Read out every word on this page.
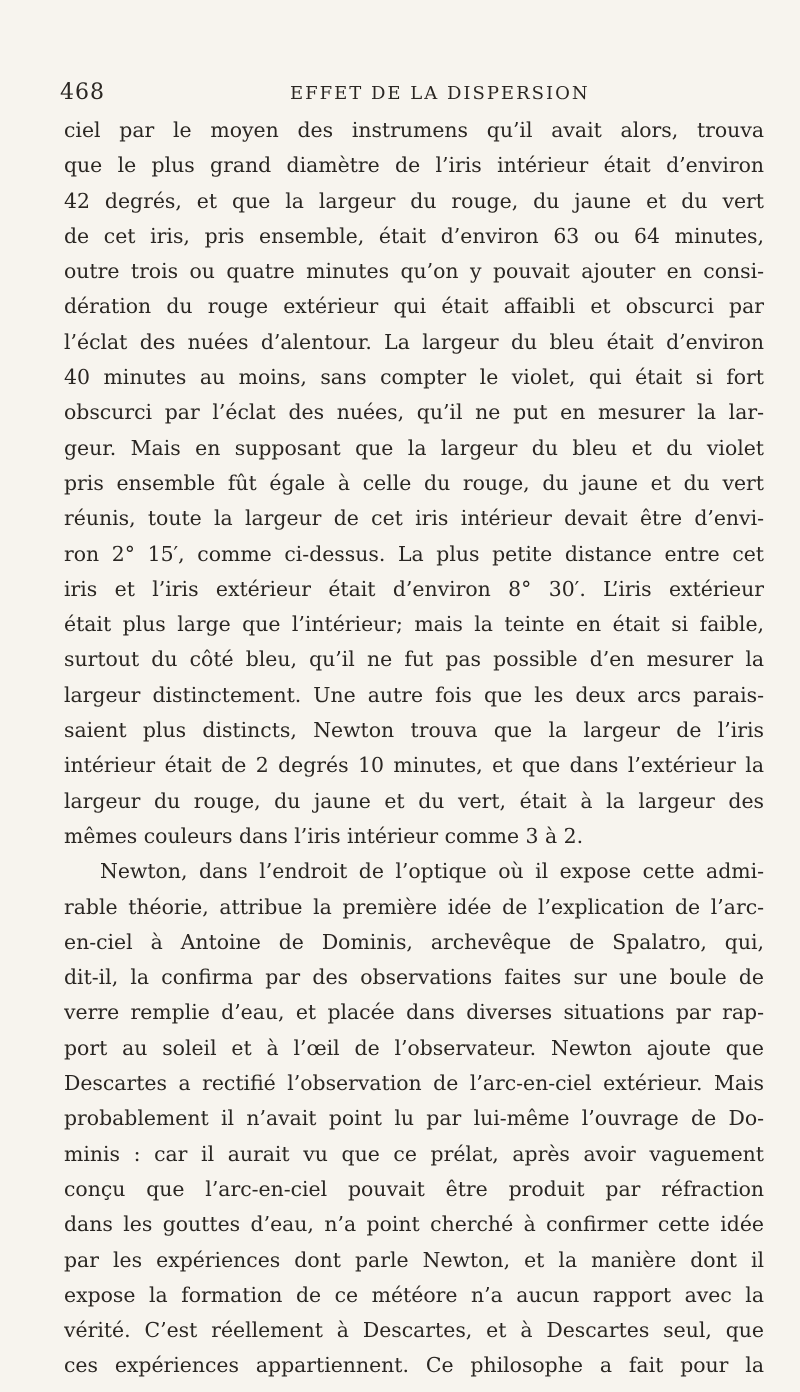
468	EFFET DE LA DISPERSION
ciel par le moyen des instrumens qu’il avait alors, trouva
que le plus grand diamètre de l’iris intérieur était d’environ
42 degrés, et que la largeur du rouge, du jaune et du vert
de cet iris, pris ensemble, était d’environ 63 ou 64 minutes,
outre trois ou quatre minutes qu’on y pouvait ajouter en consi-
dération du rouge extérieur qui était affaibli et obscurci par
l’éclat des nuées d’alentour. La largeur du bleu était d’environ
40 minutes au moins, sans compter le violet, qui était si fort
obscurci par l’éclat des nuées, qu’il ne put en mesurer la lar-
geur. Mais en supposant que la largeur du bleu et du violet
pris ensemble fût égale à celle du rouge, du jaune et du vert
réunis, toute la largeur de cet iris intérieur devait être d’envi-
ron 2° 15′, comme ci-dessus. La plus petite distance entre cet
iris et l’iris extérieur était d’environ 8° 30′. L’iris extérieur
était plus large que l’intérieur; mais la teinte en était si faible,
surtout du côté bleu, qu’il ne fut pas possible d’en mesurer la
largeur distinctement. Une autre fois que les deux arcs parais-
saient plus distincts, Newton trouva que la largeur de l’iris
intérieur était de 2 degrés 10 minutes, et que dans l’extérieur la
largeur du rouge, du jaune et du vert, était à la largeur des
mêmes couleurs dans l’iris intérieur comme 3 à 2.
Newton, dans l’endroit de l’optique où il expose cette admi-
rable théorie, attribue la première idée de l’explication de l’arc-
en-ciel à Antoine de Dominis, archevêque de Spalatro, qui,
dit-il, la confirma par des observations faites sur une boule de
verre remplie d’eau, et placée dans diverses situations par rap-
port au soleil et à l’œil de l’observateur. Newton ajoute que
Descartes a rectifié l’observation de l’arc-en-ciel extérieur. Mais
probablement il n’avait point lu par lui-même l’ouvrage de Do-
minis : car il aurait vu que ce prélat, après avoir vaguement
conçu que l’arc-en-ciel pouvait être produit par réfraction
dans les gouttes d’eau, n’a point cherché à confirmer cette idée
par les expériences dont parle Newton, et la manière dont il
expose la formation de ce météore n’a aucun rapport avec la
vérité. C’est réellement à Descartes, et à Descartes seul, que
ces expériences appartiennent. Ce philosophe a fait pour la
